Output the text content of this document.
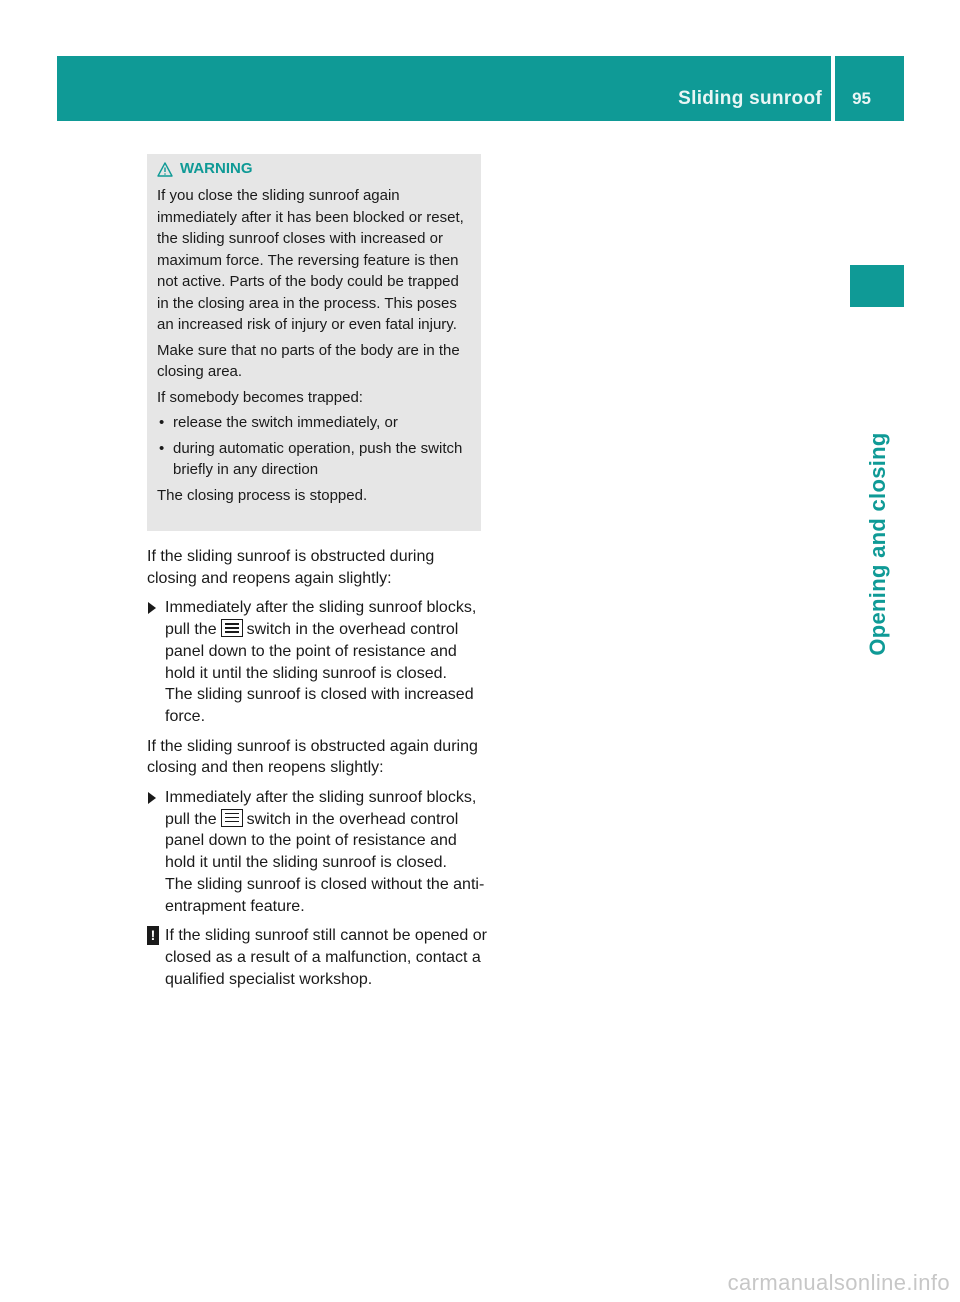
Sliding sunroof 95
Opening and closing
WARNING

If you close the sliding sunroof again immediately after it has been blocked or reset, the sliding sunroof closes with increased or maximum force. The reversing feature is then not active. Parts of the body could be trapped in the closing area in the process. This poses an increased risk of injury or even fatal injury.

Make sure that no parts of the body are in the closing area.

If somebody becomes trapped:

• release the switch immediately, or
• during automatic operation, push the switch briefly in any direction

The closing process is stopped.

If the sliding sunroof is obstructed during closing and reopens again slightly:

Immediately after the sliding sunroof blocks, pull the switch in the overhead control panel down to the point of resistance and hold it until the sliding sunroof is closed.
The sliding sunroof is closed with increased force.

If the sliding sunroof is obstructed again during closing and then reopens slightly:

Immediately after the sliding sunroof blocks, pull the switch in the overhead control panel down to the point of resistance and hold it until the sliding sunroof is closed.
The sliding sunroof is closed without the anti-entrapment feature.
! If the sliding sunroof still cannot be opened or closed as a result of a malfunction, contact a qualified specialist workshop.
carmanualsonline.info
